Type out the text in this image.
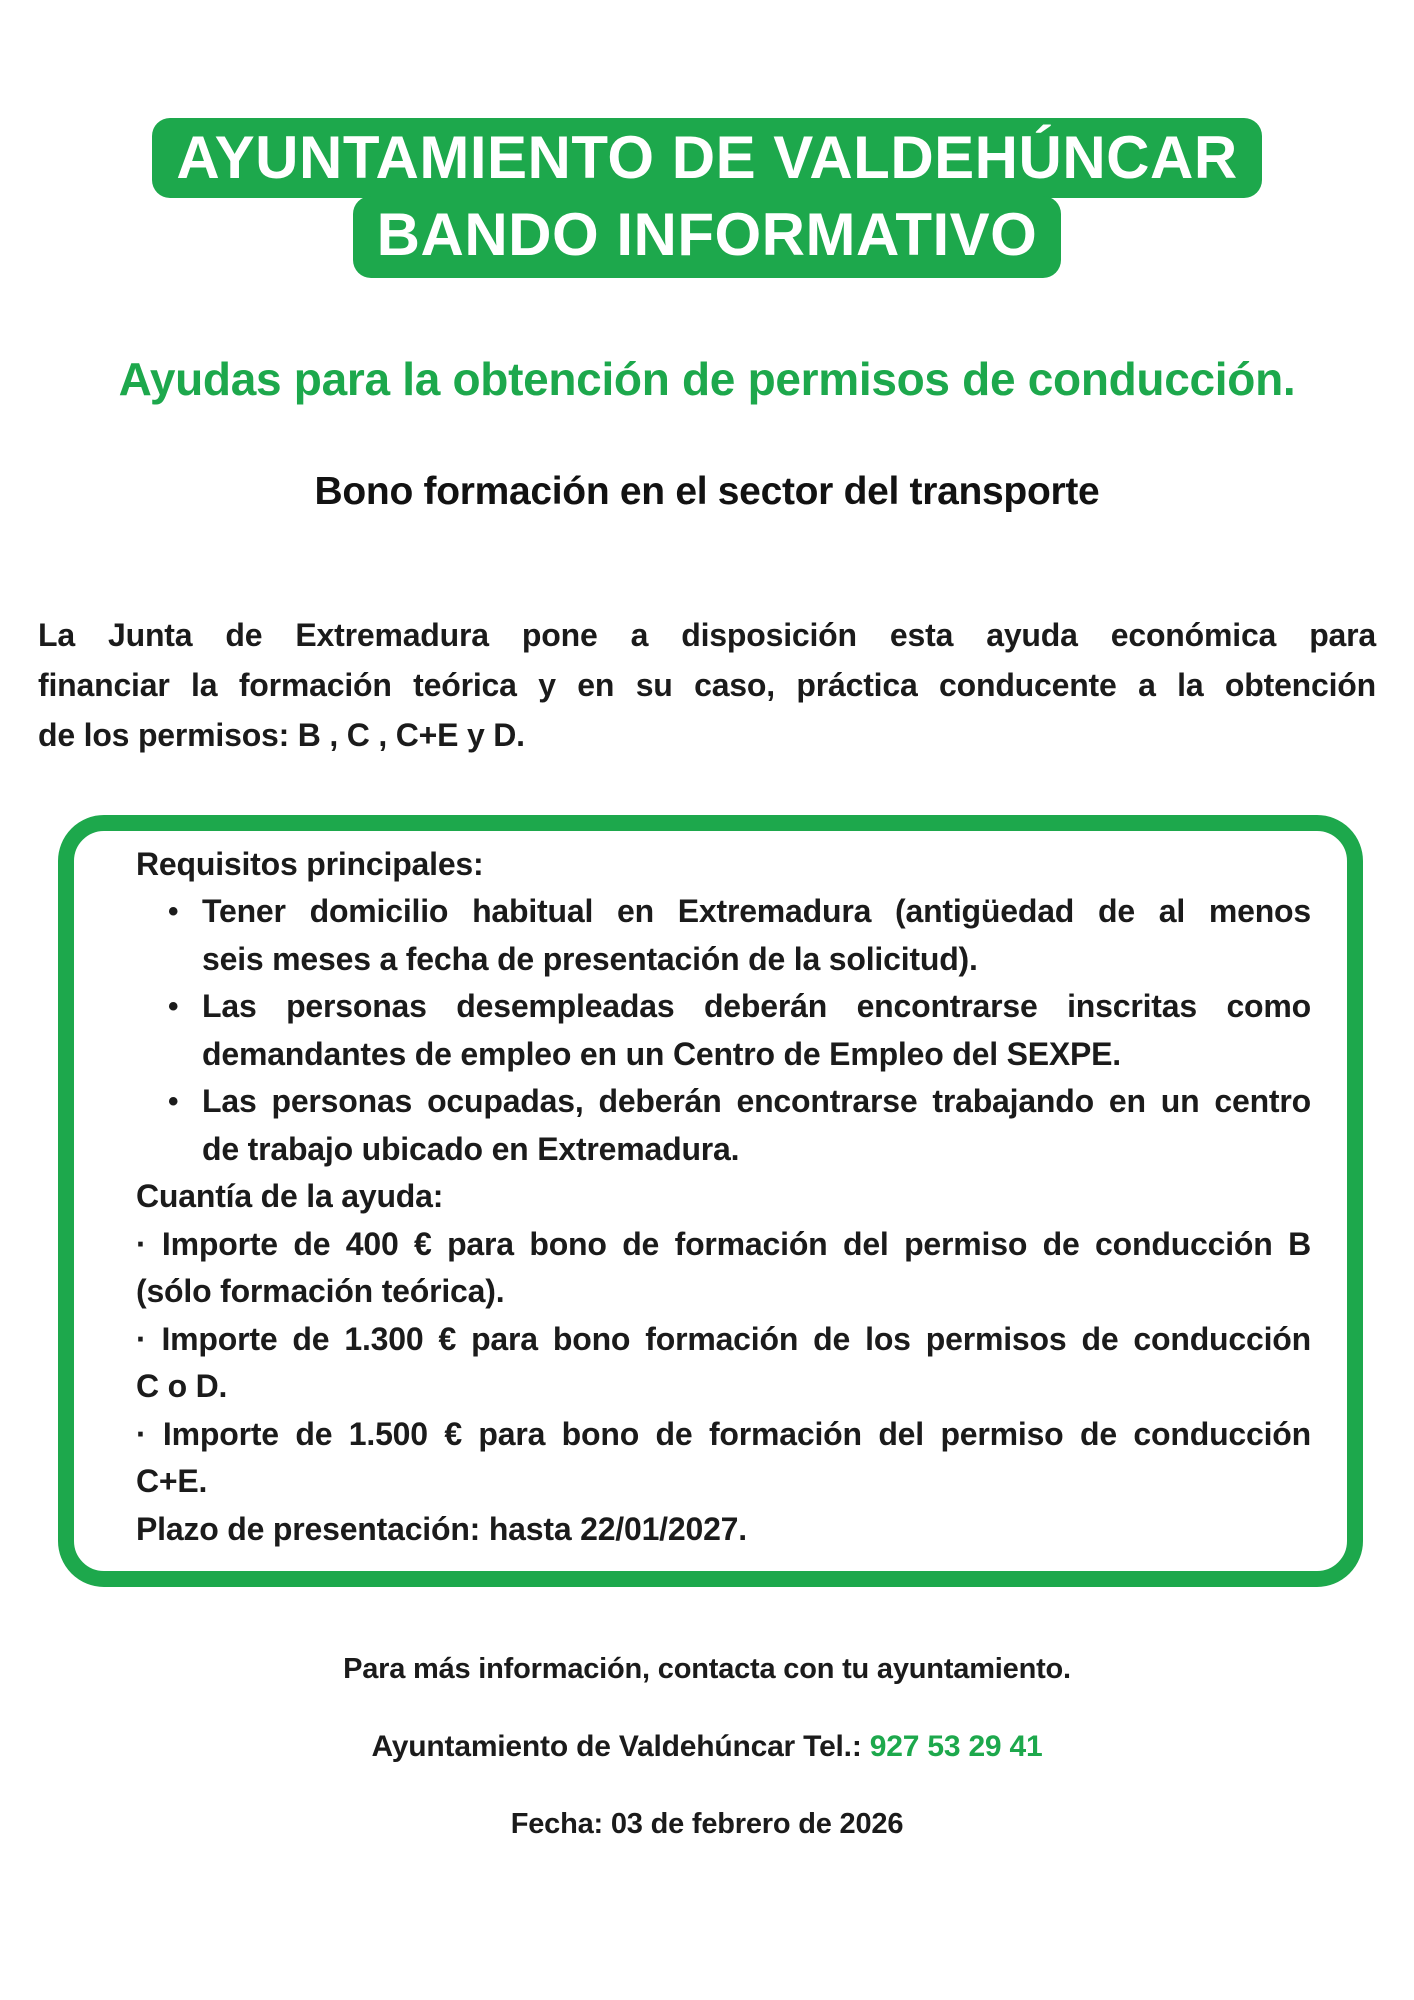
AYUNTAMIENTO DE VALDEHÚNCAR
BANDO INFORMATIVO
Ayudas para la obtención de permisos de conducción.
Bono formación en el sector del transporte

La Junta de Extremadura pone a disposición esta ayuda económica para
financiar la formación teórica y en su caso, práctica conducente a la obtención
de los permisos: B , C , C+E y D.

Requisitos principales:
• Tener domicilio habitual en Extremadura (antigüedad de al menos
seis meses a fecha de presentación de la solicitud).
• Las personas desempleadas deberán encontrarse inscritas como
demandantes de empleo en un Centro de Empleo del SEXPE.
• Las personas ocupadas, deberán encontrarse trabajando en un centro
de trabajo ubicado en Extremadura.
Cuantía de la ayuda:
· Importe de 400 € para bono de formación del permiso de conducción B
(sólo formación teórica).
· Importe de 1.300 € para bono formación de los permisos de conducción
C o D.
· Importe de 1.500 € para bono de formación del permiso de conducción
C+E.
Plazo de presentación: hasta 22/01/2027.
Para más información, contacta con tu ayuntamiento.
Ayuntamiento de Valdehúncar Tel.: 927 53 29 41
Fecha: 03 de febrero de 2026
